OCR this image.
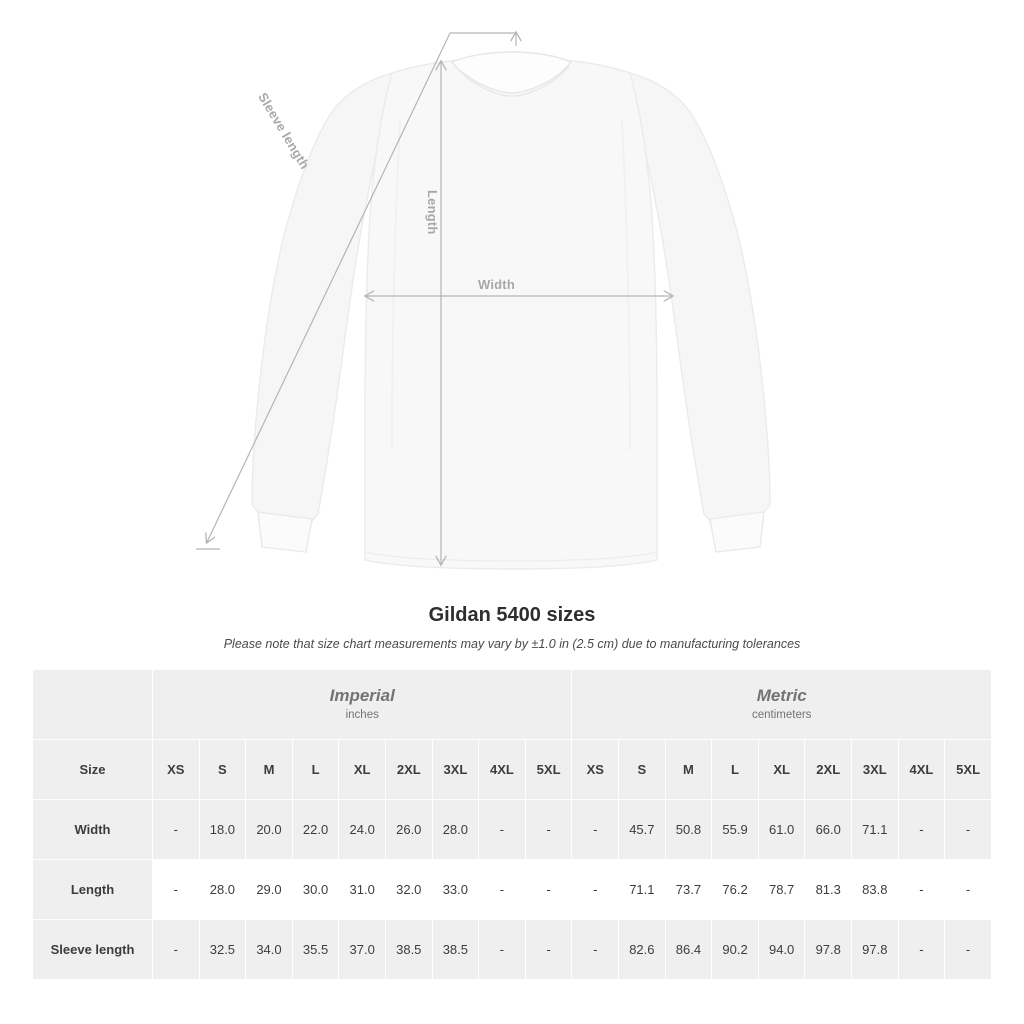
Width
Length
Sleeve length
Gildan 5400 sizes

Please note that size chart measurements may vary by ±1.0 in (2.5 cm) due to manufacturing tolerances

Imperial
inches

Metric
centimeters

Size	XS	S	M	L	XL	2XL	3XL	4XL	5XL	XS	S	M	L	XL	2XL	3XL	4XL	5XL
Width	-	18.0	20.0	22.0	24.0	26.0	28.0	-	-	-	45.7	50.8	55.9	61.0	66.0	71.1	-	-
Length	-	28.0	29.0	30.0	31.0	32.0	33.0	-	-	-	71.1	73.7	76.2	78.7	81.3	83.8	-	-
Sleeve length	-	32.5	34.0	35.5	37.0	38.5	38.5	-	-	-	82.6	86.4	90.2	94.0	97.8	97.8	-	-
